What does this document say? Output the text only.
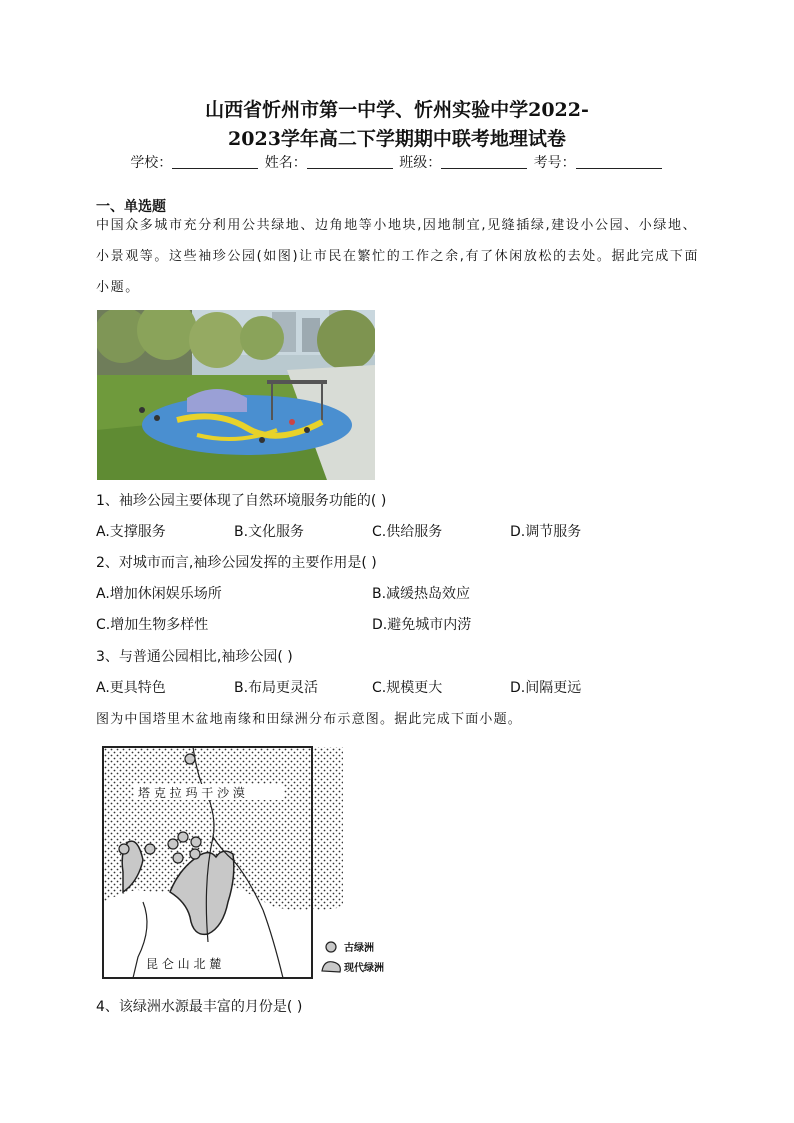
山西省忻州市第一中学、忻州实验中学2022-
2023学年高二下学期期中联考地理试卷
学校：	姓名：	班级：	考号：
一、单选题
中国众多城市充分利用公共绿地、边角地等小地块,因地制宜,见缝插绿,建设小公园、小绿地、小景观等。这些袖珍公园(如图)让市民在繁忙的工作之余,有了休闲放松的去处。据此完成下面小题。
1、袖珍公园主要体现了自然环境服务功能的( )
A.支撑服务	B.文化服务	C.供给服务	D.调节服务
2、对城市而言,袖珍公园发挥的主要作用是( )
A.增加休闲娱乐场所	B.减缓热岛效应
C.增加生物多样性	D.避免城市内涝
3、与普通公园相比,袖珍公园( )
A.更具特色	B.布局更灵活	C.规模更大	D.间隔更远
图为中国塔里木盆地南缘和田绿洲分布示意图。据此完成下面小题。
塔 克 拉 玛 干 沙 漠
昆 仑 山 北 麓
古绿洲
现代绿洲
4、该绿洲水源最丰富的月份是( )
